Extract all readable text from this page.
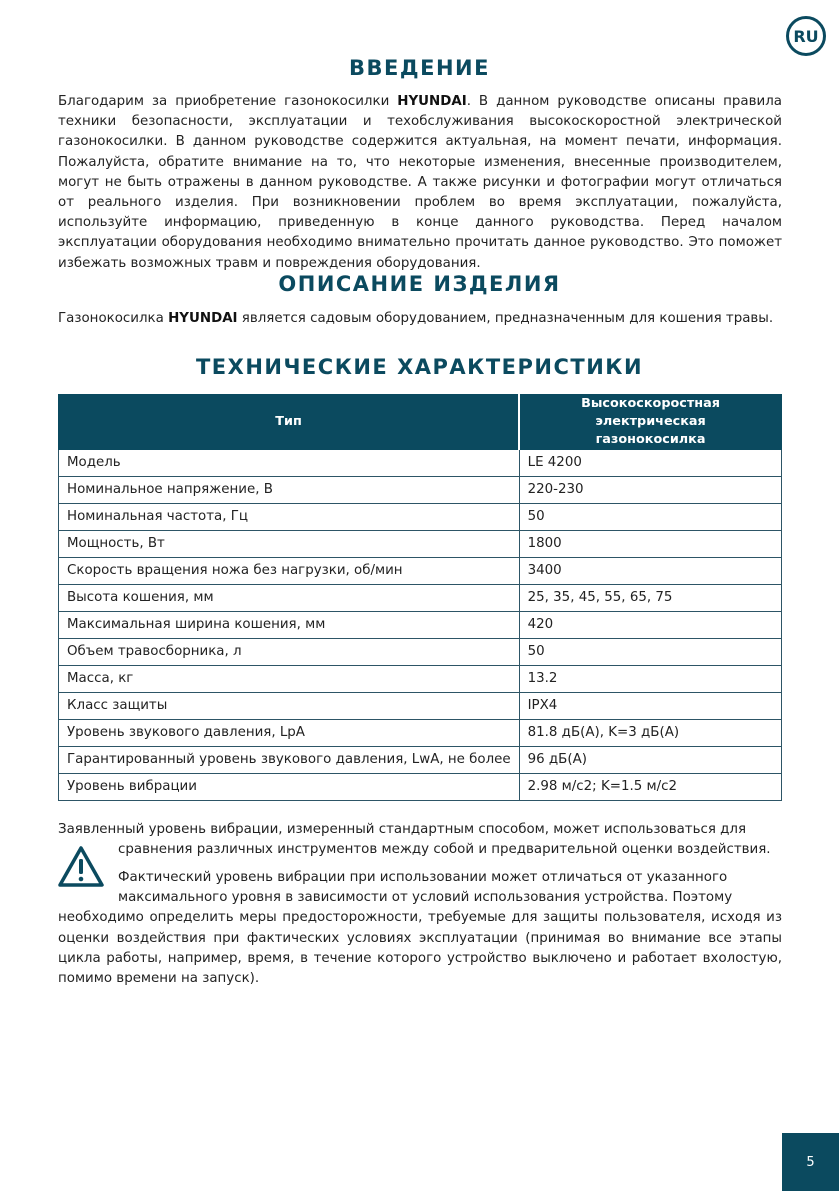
RU
ВВЕДЕНИЕ

Благодарим за приобретение газонокосилки HYUNDAI. В данном руководстве описаны правила техники безопасности, эксплуатации и техобслуживания высокоскоростной электрической газонокосилки. В данном руководстве содержится актуальная, на момент печати, информация. Пожалуйста, обратите внимание на то, что некоторые изменения, внесенные производителем, могут не быть отражены в данном руководстве. А также рисунки и фотографии могут отличаться от реального изделия. При возникновении проблем во время эксплуатации, пожалуйста, используйте информацию, приведенную в конце данного руководства. Перед началом эксплуатации оборудования необходимо внимательно прочитать данное руководство. Это поможет избежать возможных травм и повреждения оборудования.

ОПИСАНИЕ ИЗДЕЛИЯ

Газонокосилка HYUNDAI является садовым оборудованием, предназначенным для кошения травы.

ТЕХНИЧЕСКИЕ ХАРАКТЕРИСТИКИ
Тип	Высокоскоростная электрическая
газонокосилка
Модель	LE 4200
Номинальное напряжение, В	220-230
Номинальная частота, Гц	50
Мощность, Вт	1800
Скорость вращения ножа без нагрузки, об/мин	3400
Высота кошения, мм	25, 35, 45, 55, 65, 75
Максимальная ширина кошения, мм	420
Объем травосборника, л	50
Масса, кг	13.2
Класс защиты	IPX4
Уровень звукового давления, LpA	81.8 дБ(А), K=3 дБ(А)
Гарантированный уровень звукового давления, LwA, не более	96 дБ(А)
Уровень вибрации	2.98 м/с2; K=1.5 м/с2
Заявленный уровень вибрации, измеренный стандартным способом, может использоваться для
сравнения различных инструментов между собой и предварительной оценки воздействия.
Фактический уровень вибрации при использовании может отличаться от указанного
максимального уровня в зависимости от условий использования устройства. Поэтому
необходимо определить меры предосторожности, требуемые для защиты пользователя, исходя из оценки воздействия при фактических условиях эксплуатации (принимая во внимание все этапы цикла работы, например, время, в течение которого устройство выключено и работает вхолостую, помимо времени на запуск).
5
